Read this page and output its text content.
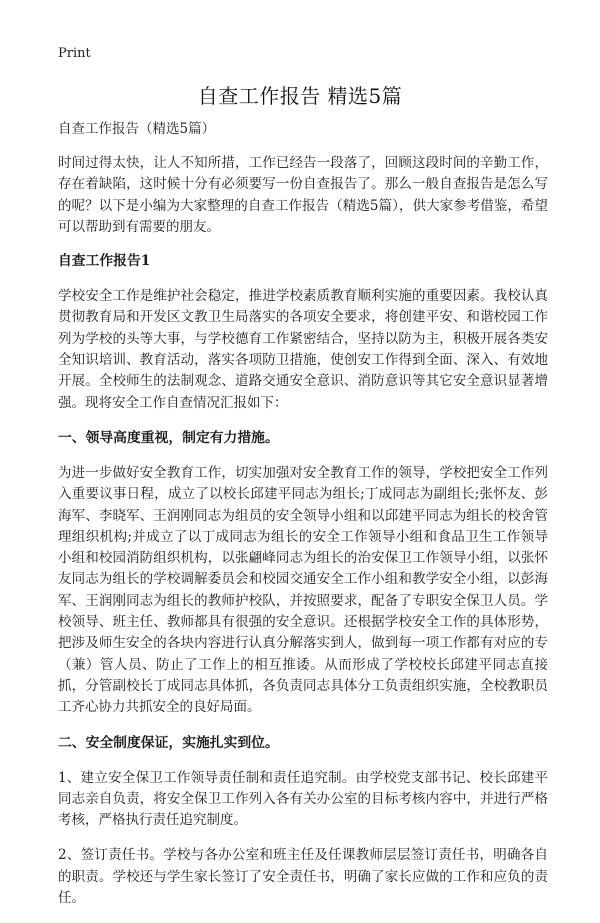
Print
自查工作报告 精选5篇

自查工作报告（精选5篇）

时间过得太快，让人不知所措，工作已经告一段落了，回顾这段时间的辛勤工作，存在着缺陷，这时候十分有必须要写一份自查报告了。那么一般自查报告是怎么写的呢？以下是小编为大家整理的自查工作报告（精选5篇），供大家参考借鉴，希望可以帮助到有需要的朋友。

自查工作报告1

学校安全工作是维护社会稳定，推进学校素质教育顺利实施的重要因素。我校认真贯彻教育局和开发区文教卫生局落实的各项安全要求，将创建平安、和谐校园工作列为学校的头等大事，与学校德育工作紧密结合，坚持以防为主，积极开展各类安全知识培训、教育活动，落实各项防卫措施，使创安工作得到全面、深入、有效地开展。全校师生的法制观念、道路交通安全意识、消防意识等其它安全意识显著增强。现将安全工作自查情况汇报如下：

一、领导高度重视，制定有力措施。

为进一步做好安全教育工作，切实加强对安全教育工作的领导，学校把安全工作列入重要议事日程，成立了以校长邱建平同志为组长;丁成同志为副组长;张怀友、彭海军、李晓军、王润刚同志为组员的安全领导小组和以邱建平同志为组长的校舍管理组织机构;并成立了以丁成同志为组长的安全工作领导小组和食品卫生工作领导小组和校园消防组织机构，以张翩峰同志为组长的治安保卫工作领导小组，以张怀友同志为组长的学校调解委员会和校园交通安全工作小组和教学安全小组，以彭海军、王润刚同志为组长的教师护校队，并按照要求，配备了专职安全保卫人员。学校领导、班主任、教师都具有很强的安全意识。还根据学校安全工作的具体形势，把涉及师生安全的各块内容进行认真分解落实到人，做到每一项工作都有对应的专（兼）管人员、防止了工作上的相互推诿。从而形成了学校校长邱建平同志直接抓，分管副校长丁成同志具体抓，各负责同志具体分工负责组织实施，全校教职员工齐心协力共抓安全的良好局面。

二、安全制度保证，实施扎实到位。

1、建立安全保卫工作领导责任制和责任追究制。由学校党支部书记、校长邱建平同志亲自负责，将安全保卫工作列入各有关办公室的目标考核内容中，并进行严格考核，严格执行责任追究制度。

2、签订责任书。学校与各办公室和班主任及任课教师层层签订责任书，明确各自的职责。学校还与学生家长签订了安全责任书，明确了家长应做的工作和应负的责任。
